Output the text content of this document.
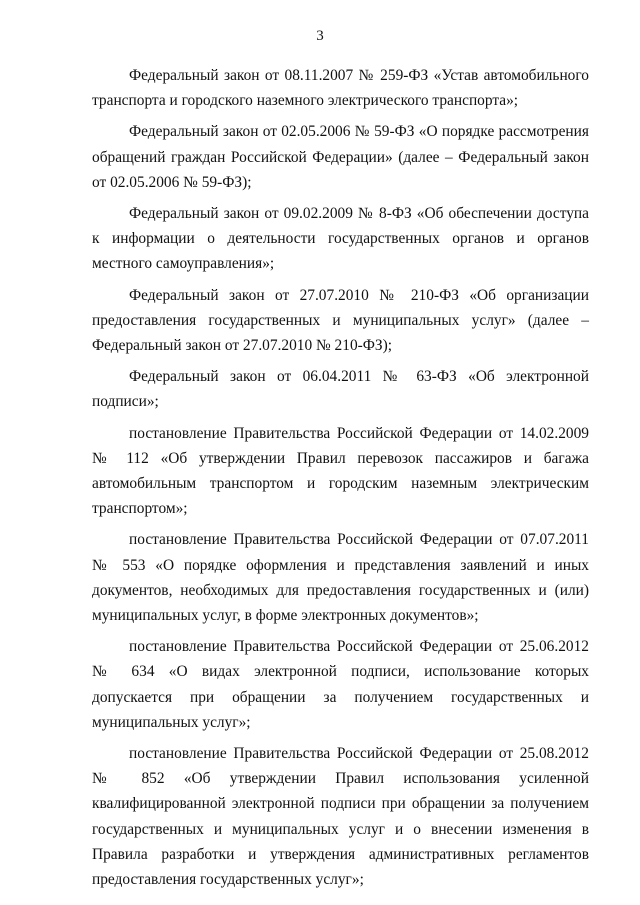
3

Федеральный закон от 08.11.2007 № 259-ФЗ «Устав автомобильного транспорта и городского наземного электрического транспорта»;

Федеральный закон от 02.05.2006 № 59-ФЗ «О порядке рассмотрения обращений граждан Российской Федерации» (далее – Федеральный закон от 02.05.2006 № 59-ФЗ);

Федеральный закон от 09.02.2009 № 8-ФЗ «Об обеспечении доступа к информации о деятельности государственных органов и органов местного самоуправления»;

Федеральный закон от 27.07.2010 № 210-ФЗ «Об организации предоставления государственных и муниципальных услуг» (далее – Федеральный закон от 27.07.2010 № 210-ФЗ);

Федеральный закон от 06.04.2011 № 63-ФЗ «Об электронной подписи»;

постановление Правительства Российской Федерации от 14.02.2009 № 112 «Об утверждении Правил перевозок пассажиров и багажа автомобильным транспортом и городским наземным электрическим транспортом»;

постановление Правительства Российской Федерации от 07.07.2011 № 553 «О порядке оформления и представления заявлений и иных документов, необходимых для предоставления государственных и (или) муниципальных услуг, в форме электронных документов»;

постановление Правительства Российской Федерации от 25.06.2012 № 634 «О видах электронной подписи, использование которых допускается при обращении за получением государственных и муниципальных услуг»;

постановление Правительства Российской Федерации от 25.08.2012 № 852 «Об утверждении Правил использования усиленной квалифицированной электронной подписи при обращении за получением государственных и муниципальных услуг и о внесении изменения в Правила разработки и утверждения административных регламентов предоставления государственных услуг»;
